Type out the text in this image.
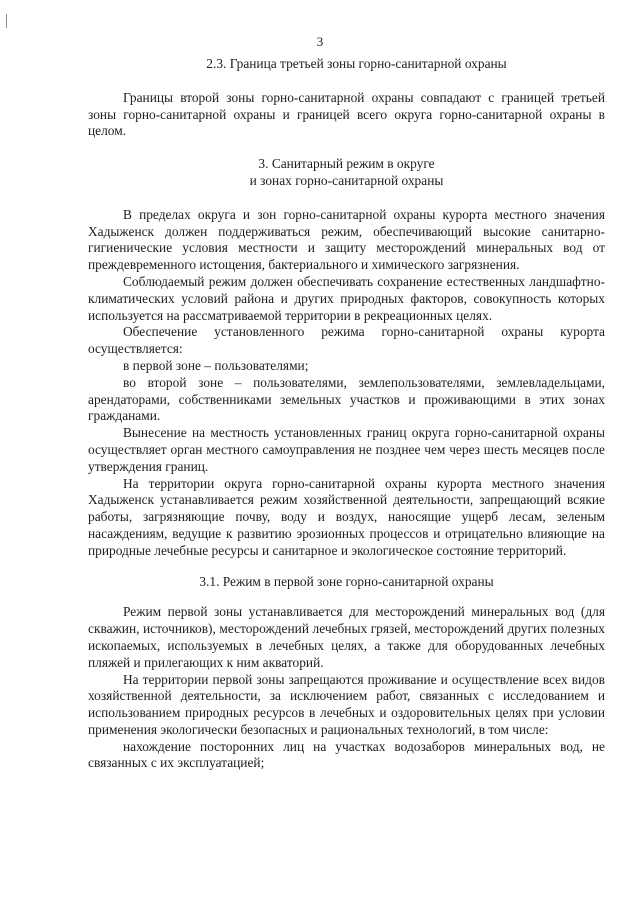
3
2.3. Граница третьей зоны горно-санитарной охраны

Границы второй зоны горно-санитарной охраны совпадают с границей третьей зоны горно-санитарной охраны и границей всего округа горно-санитарной охраны в целом.

3. Санитарный режим в округе
и зонах горно-санитарной охраны

В пределах округа и зон горно-санитарной охраны курорта местного значения Хадыженск должен поддерживаться режим, обеспечивающий высокие санитарно-гигиенические условия местности и защиту месторождений минеральных вод от преждевременного истощения, бактериального и химического загрязнения.

Соблюдаемый режим должен обеспечивать сохранение естественных ландшафтно-климатических условий района и других природных факторов, совокупность которых используется на рассматриваемой территории в рекреационных целях.

Обеспечение установленного режима горно-санитарной охраны курорта осуществляется:

в первой зоне – пользователями;

во второй зоне – пользователями, землепользователями, землевладельцами, арендаторами, собственниками земельных участков и проживающими в этих зонах гражданами.

Вынесение на местность установленных границ округа горно-санитарной охраны осуществляет орган местного самоуправления не позднее чем через шесть месяцев после утверждения границ.

На территории округа горно-санитарной охраны курорта местного значения Хадыженск устанавливается режим хозяйственной деятельности, запрещающий всякие работы, загрязняющие почву, воду и воздух, наносящие ущерб лесам, зеленым насаждениям, ведущие к развитию эрозионных процессов и отрицательно влияющие на природные лечебные ресурсы и санитарное и экологическое состояние территорий.

3.1. Режим в первой зоне горно-санитарной охраны

Режим первой зоны устанавливается для месторождений минеральных вод (для скважин, источников), месторождений лечебных грязей, месторождений других полезных ископаемых, используемых в лечебных целях, а также для оборудованных лечебных пляжей и прилегающих к ним акваторий.

На территории первой зоны запрещаются проживание и осуществление всех видов хозяйственной деятельности, за исключением работ, связанных с исследованием и использованием природных ресурсов в лечебных и оздоровительных целях при условии применения экологически безопасных и рациональных технологий, в том числе:

нахождение посторонних лиц на участках водозаборов минеральных вод, не связанных с их эксплуатацией;
